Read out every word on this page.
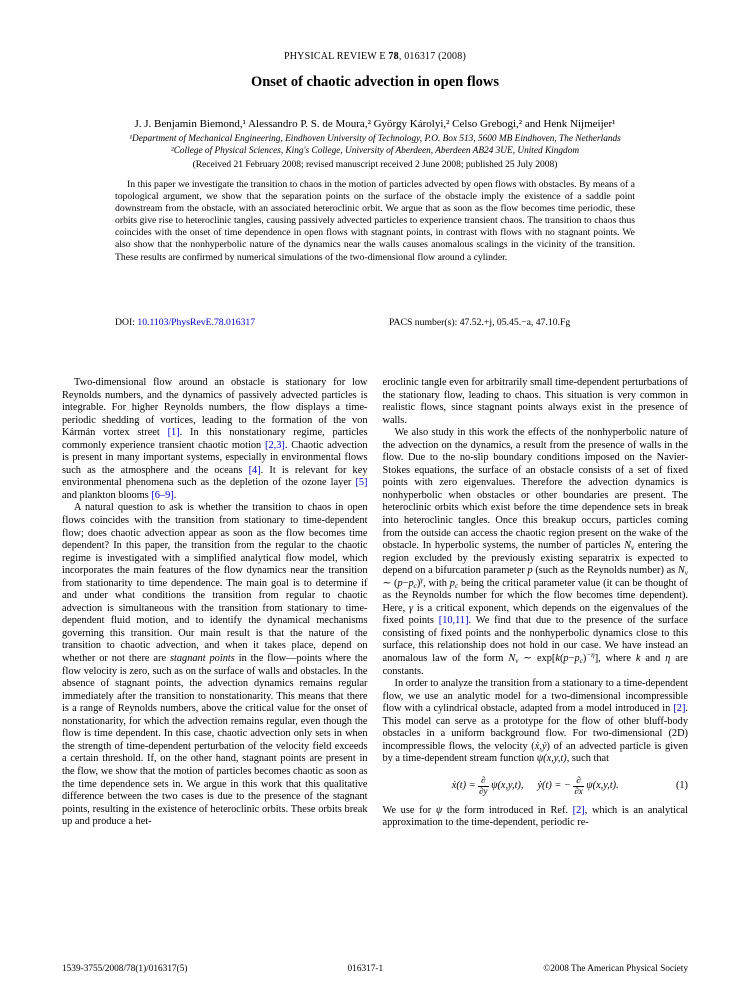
PHYSICAL REVIEW E 78, 016317 (2008)
Onset of chaotic advection in open flows
J. J. Benjamin Biemond,¹ Alessandro P. S. de Moura,² György Károlyi,² Celso Grebogi,² and Henk Nijmeijer¹
¹Department of Mechanical Engineering, Eindhoven University of Technology, P.O. Box 513, 5600 MB Eindhoven, The Netherlands
²College of Physical Sciences, King's College, University of Aberdeen, Aberdeen AB24 3UE, United Kingdom
(Received 21 February 2008; revised manuscript received 2 June 2008; published 25 July 2008)
In this paper we investigate the transition to chaos in the motion of particles advected by open flows with obstacles. By means of a topological argument, we show that the separation points on the surface of the obstacle imply the existence of a saddle point downstream from the obstacle, with an associated heteroclinic orbit. We argue that as soon as the flow becomes time periodic, these orbits give rise to heteroclinic tangles, causing passively advected particles to experience transient chaos. The transition to chaos thus coincides with the onset of time dependence in open flows with stagnant points, in contrast with flows with no stagnant points. We also show that the nonhyperbolic nature of the dynamics near the walls causes anomalous scalings in the vicinity of the transition. These results are confirmed by numerical simulations of the two-dimensional flow around a cylinder.
DOI: 10.1103/PhysRevE.78.016317	PACS number(s): 47.52.+j, 05.45.−a, 47.10.Fg

Two-dimensional flow around an obstacle is stationary for low Reynolds numbers, and the dynamics of passively advected particles is integrable. For higher Reynolds numbers, the flow displays a time-periodic shedding of vortices, leading to the formation of the von Kármán vortex street [1]. In this nonstationary regime, particles commonly experience transient chaotic motion [2,3]. Chaotic advection is present in many important systems, especially in environmental flows such as the atmosphere and the oceans [4]. It is relevant for key environmental phenomena such as the depletion of the ozone layer [5] and plankton blooms [6–9].

A natural question to ask is whether the transition to chaos in open flows coincides with the transition from stationary to time-dependent flow; does chaotic advection appear as soon as the flow becomes time dependent? In this paper, the transition from the regular to the chaotic regime is investigated with a simplified analytical flow model, which incorporates the main features of the flow dynamics near the transition from stationarity to time dependence. The main goal is to determine if and under what conditions the transition from regular to chaotic advection is simultaneous with the transition from stationary to time-dependent fluid motion, and to identify the dynamical mechanisms governing this transition. Our main result is that the nature of the transition to chaotic advection, and when it takes place, depend on whether or not there are stagnant points in the flow—points where the flow velocity is zero, such as on the surface of walls and obstacles. In the absence of stagnant points, the advection dynamics remains regular immediately after the transition to nonstationarity. This means that there is a range of Reynolds numbers, above the critical value for the onset of nonstationarity, for which the advection remains regular, even though the flow is time dependent. In this case, chaotic advection only sets in when the strength of time-dependent perturbation of the velocity field exceeds a certain threshold. If, on the other hand, stagnant points are present in the flow, we show that the motion of particles becomes chaotic as soon as the time dependence sets in. We argue in this work that this qualitative difference between the two cases is due to the presence of the stagnant points, resulting in the existence of heteroclinic orbits. These orbits break up and produce a het-

eroclinic tangle even for arbitrarily small time-dependent perturbations of the stationary flow, leading to chaos. This situation is very common in realistic flows, since stagnant points always exist in the presence of walls.

We also study in this work the effects of the nonhyperbolic nature of the advection on the dynamics, a result from the presence of walls in the flow. Due to the no-slip boundary conditions imposed on the Navier-Stokes equations, the surface of an obstacle consists of a set of fixed points with zero eigenvalues. Therefore the advection dynamics is nonhyperbolic when obstacles or other boundaries are present. The heteroclinic orbits which exist before the time dependence sets in break into heteroclinic tangles. Once this breakup occurs, particles coming from the outside can access the chaotic region present on the wake of the obstacle. In hyperbolic systems, the number of particles $N_v$ entering the region excluded by the previously existing separatrix is expected to depend on a bifurcation parameter p (such as the Reynolds number) as $N_v$ ∼ $(p-p_c)^\gamma$, with $p_c$ being the critical parameter value (it can be thought of as the Reynolds number for which the flow becomes time dependent). Here, γ is a critical exponent, which depends on the eigenvalues of the fixed points [10,11]. We find that due to the presence of the surface consisting of fixed points and the nonhyperbolic dynamics close to this surface, this relationship does not hold in our case. We have instead an anomalous law of the form $N_v$ ∼ $\exp[k(p-p_c)^{-\eta}]$, where k and η are constants.

In order to analyze the transition from a stationary to a time-dependent flow, we use an analytic model for a two-dimensional incompressible flow with a cylindrical obstacle, adapted from a model introduced in [2]. This model can serve as a prototype for the flow of other bluff-body obstacles in a uniform background flow. For two-dimensional (2D) incompressible flows, the velocity (ẋ,ẏ) of an advected particle is given by a time-dependent stream function ψ(x,y,t), such that

ẋ(t) = $\frac{\partial}{\partial y} \psi(x,y,t)$, ẏ(t) = − $\frac{\partial}{\partial x} \psi(x,y,t)$.	(1)

We use for ψ the form introduced in Ref. [2], which is an analytical approximation to the time-dependent, periodic re-

1539-3755/2008/78(1)/016317(5)	016317-1	©2008 The American Physical Society
